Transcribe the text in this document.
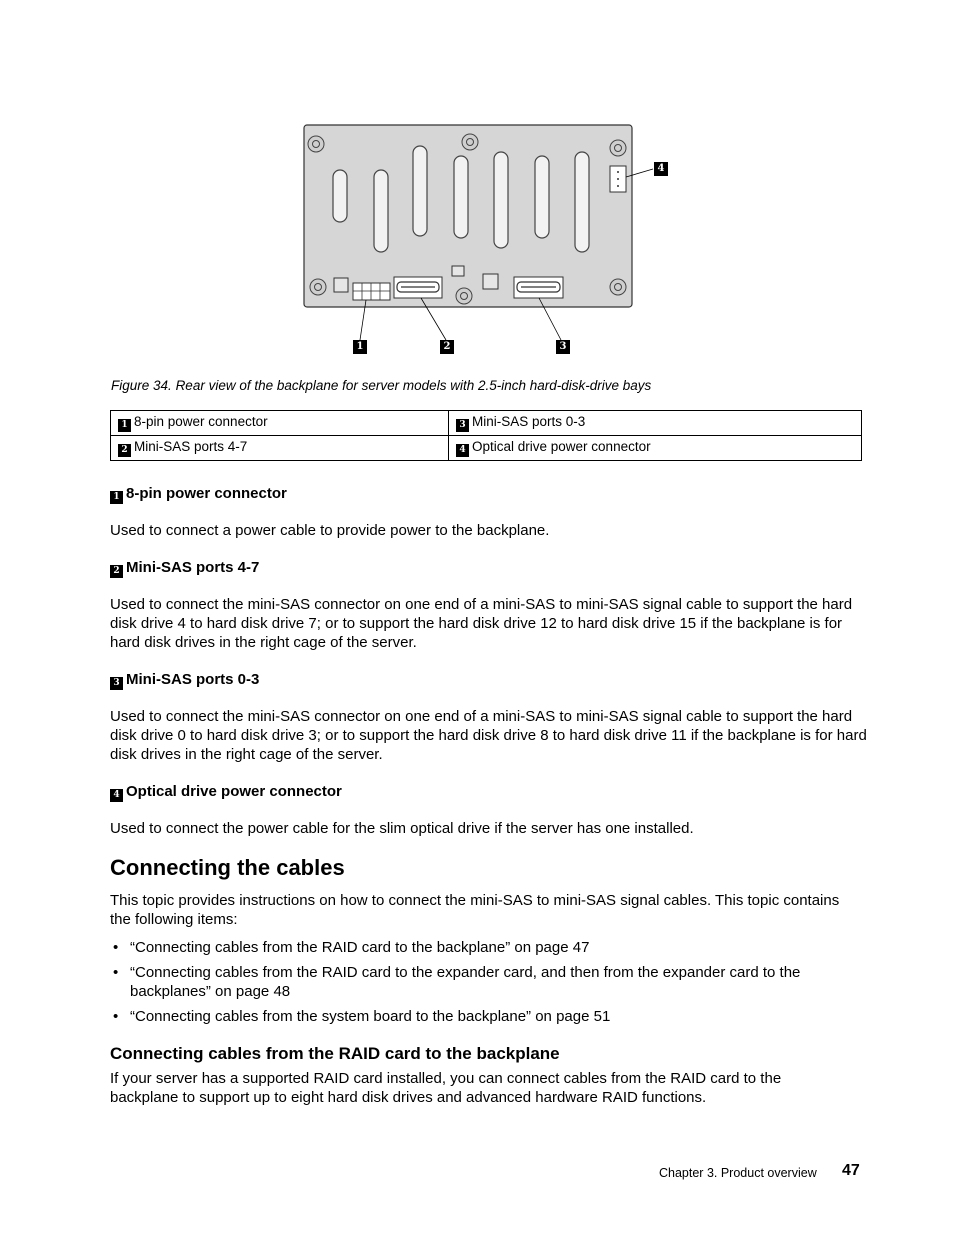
1	2	3
4
Figure 34. Rear view of the backplane for server models with 2.5-inch hard-disk-drive bays
1 8-pin power connector	3 Mini-SAS ports 0-3
2 Mini-SAS ports 4-7	4 Optical drive power connector
1 8-pin power connector
Used to connect a power cable to provide power to the backplane.
2 Mini-SAS ports 4-7
Used to connect the mini-SAS connector on one end of a mini-SAS to mini-SAS signal cable to support the hard disk drive 4 to hard disk drive 7; or to support the hard disk drive 12 to hard disk drive 15 if the backplane is for hard disk drives in the right cage of the server.
3 Mini-SAS ports 0-3
Used to connect the mini-SAS connector on one end of a mini-SAS to mini-SAS signal cable to support the hard disk drive 0 to hard disk drive 3; or to support the hard disk drive 8 to hard disk drive 11 if the backplane is for hard disk drives in the right cage of the server.
4 Optical drive power connector
Used to connect the power cable for the slim optical drive if the server has one installed.
Connecting the cables
This topic provides instructions on how to connect the mini-SAS to mini-SAS signal cables. This topic contains the following items:
• “Connecting cables from the RAID card to the backplane” on page 47
• “Connecting cables from the RAID card to the expander card, and then from the expander card to the backplanes” on page 48
• “Connecting cables from the system board to the backplane” on page 51
Connecting cables from the RAID card to the backplane
If your server has a supported RAID card installed, you can connect cables from the RAID card to the backplane to support up to eight hard disk drives and advanced hardware RAID functions.
Chapter 3. Product overview 47
